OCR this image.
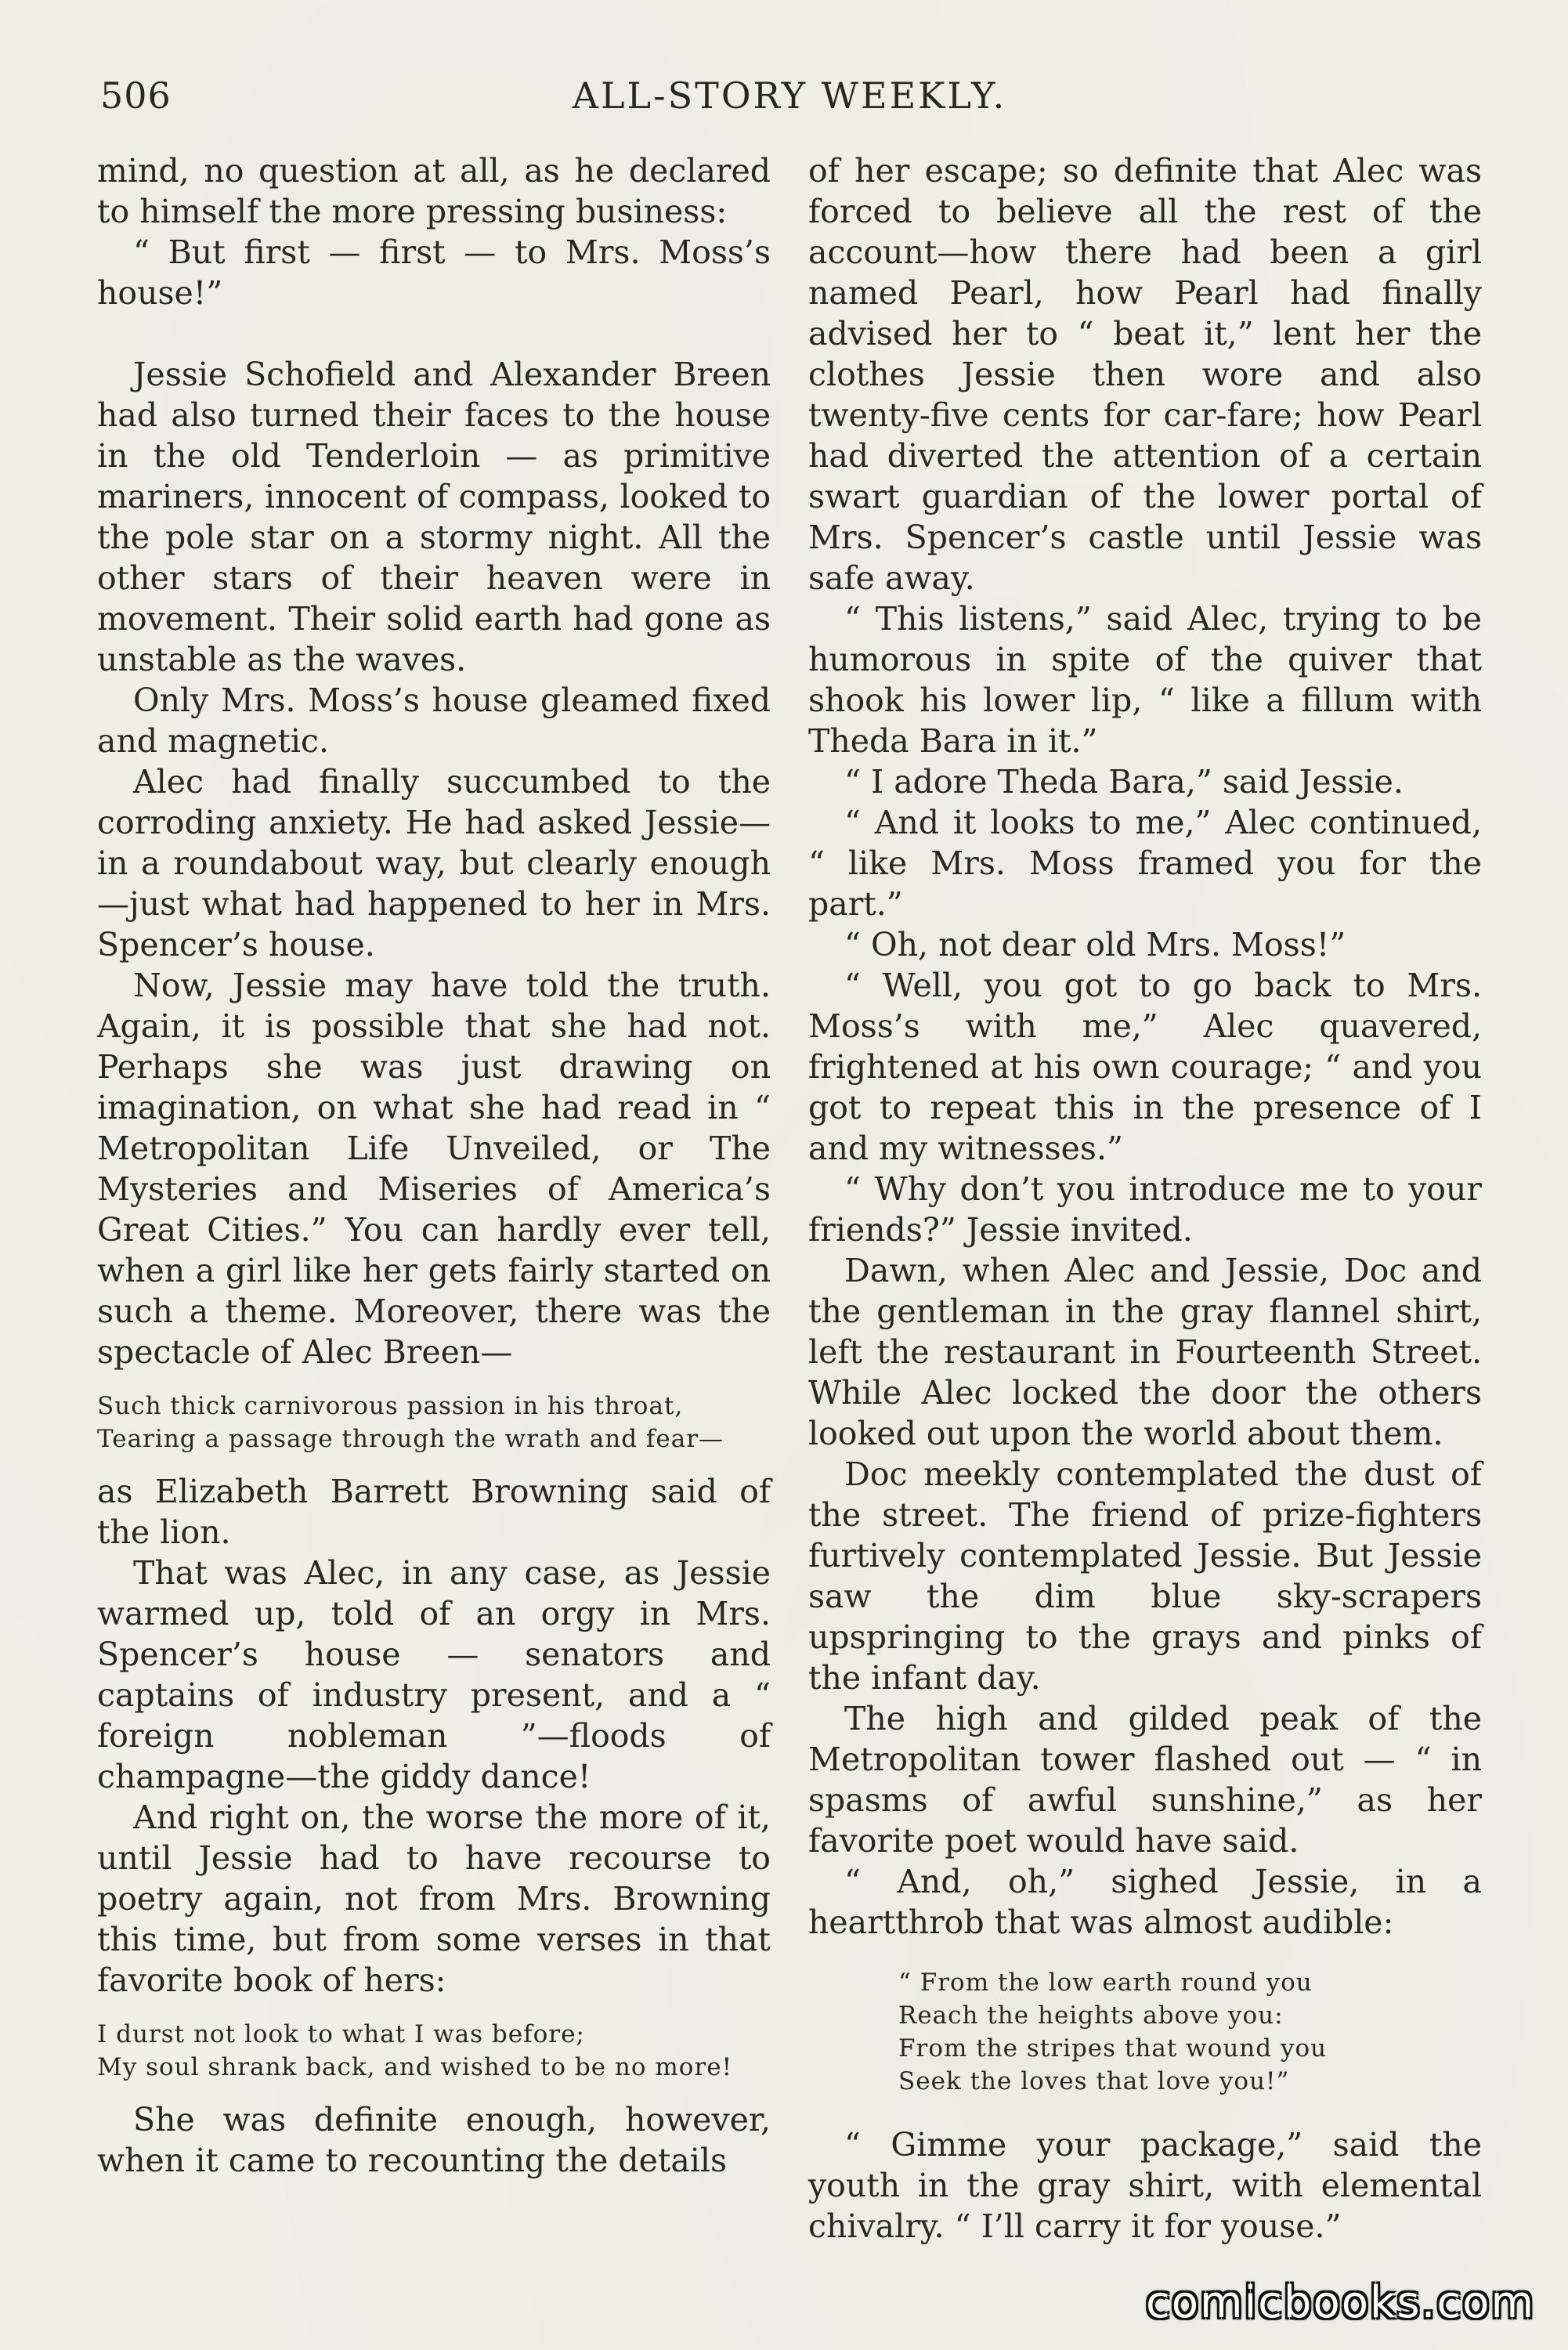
506	ALL-STORY WEEKLY.

mind, no question at all, as he declared to himself the more pressing business:

“ But first — first — to Mrs. Moss’s house!”

Jessie Schofield and Alexander Breen had also turned their faces to the house in the old Tenderloin — as primitive mariners, innocent of compass, looked to the pole star on a stormy night. All the other stars of their heaven were in movement. Their solid earth had gone as unstable as the waves.

Only Mrs. Moss’s house gleamed fixed and magnetic.

Alec had finally succumbed to the corroding anxiety. He had asked Jessie—in a roundabout way, but clearly enough—just what had happened to her in Mrs. Spencer’s house.

Now, Jessie may have told the truth. Again, it is possible that she had not. Perhaps she was just drawing on imagination, on what she had read in “ Metropolitan Life Unveiled, or The Mysteries and Miseries of America’s Great Cities.” You can hardly ever tell, when a girl like her gets fairly started on such a theme. Moreover, there was the spectacle of Alec Breen—

Such thick carnivorous passion in his throat,
Tearing a passage through the wrath and fear—

as Elizabeth Barrett Browning said of the lion.

That was Alec, in any case, as Jessie warmed up, told of an orgy in Mrs. Spencer’s house — senators and captains of industry present, and a “ foreign nobleman ”—floods of champagne—the giddy dance!

And right on, the worse the more of it, until Jessie had to have recourse to poetry again, not from Mrs. Browning this time, but from some verses in that favorite book of hers:

I durst not look to what I was before;
My soul shrank back, and wished to be no more!

She was definite enough, however, when it came to recounting the details

of her escape; so definite that Alec was forced to believe all the rest of the account—how there had been a girl named Pearl, how Pearl had finally advised her to “ beat it,” lent her the clothes Jessie then wore and also twenty-five cents for car-fare; how Pearl had diverted the attention of a certain swart guardian of the lower portal of Mrs. Spencer’s castle until Jessie was safe away.

“ This listens,” said Alec, trying to be humorous in spite of the quiver that shook his lower lip, “ like a fillum with Theda Bara in it.”

“ I adore Theda Bara,” said Jessie.

“ And it looks to me,” Alec continued, “ like Mrs. Moss framed you for the part.”

“ Oh, not dear old Mrs. Moss!”

“ Well, you got to go back to Mrs. Moss’s with me,” Alec quavered, frightened at his own courage; “ and you got to repeat this in the presence of I and my witnesses.”

“ Why don’t you introduce me to your friends?” Jessie invited.

Dawn, when Alec and Jessie, Doc and the gentleman in the gray flannel shirt, left the restaurant in Fourteenth Street. While Alec locked the door the others looked out upon the world about them.

Doc meekly contemplated the dust of the street. The friend of prize-fighters furtively contemplated Jessie. But Jessie saw the dim blue sky-scrapers upspringing to the grays and pinks of the infant day.

The high and gilded peak of the Metropolitan tower flashed out — “ in spasms of awful sunshine,” as her favorite poet would have said.

“ And, oh,” sighed Jessie, in a heartthrob that was almost audible:

“ From the low earth round you
Reach the heights above you:
From the stripes that wound you
Seek the loves that love you!”

“ Gimme your package,” said the youth in the gray shirt, with elemental chivalry. “ I’ll carry it for youse.”

comicbooks.com
